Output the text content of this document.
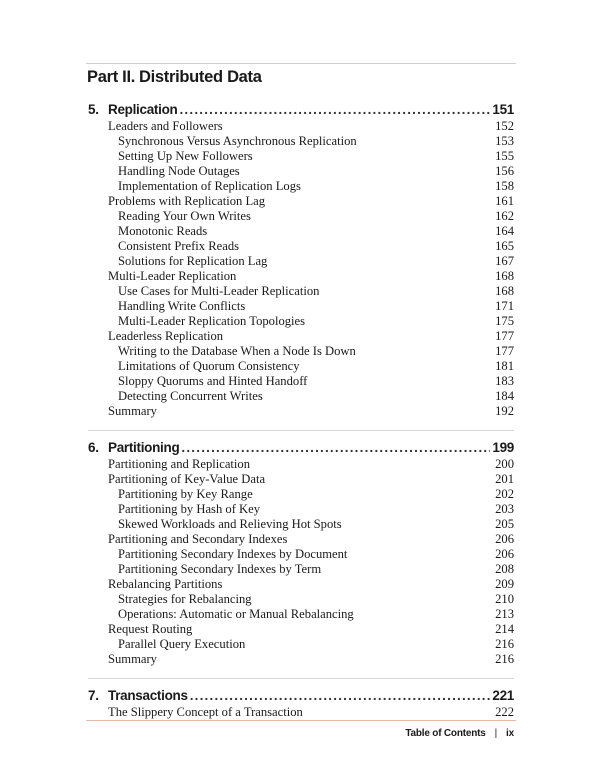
Part II. Distributed Data
5. Replication .....	151
Leaders and Followers	152
Synchronous Versus Asynchronous Replication	153
Setting Up New Followers	155
Handling Node Outages	156
Implementation of Replication Logs	158
Problems with Replication Lag	161
Reading Your Own Writes	162
Monotonic Reads	164
Consistent Prefix Reads	165
Solutions for Replication Lag	167
Multi-Leader Replication	168
Use Cases for Multi-Leader Replication	168
Handling Write Conflicts	171
Multi-Leader Replication Topologies	175
Leaderless Replication	177
Writing to the Database When a Node Is Down	177
Limitations of Quorum Consistency	181
Sloppy Quorums and Hinted Handoff	183
Detecting Concurrent Writes	184
Summary	192
6. Partitioning .....	199
Partitioning and Replication	200
Partitioning of Key-Value Data	201
Partitioning by Key Range	202
Partitioning by Hash of Key	203
Skewed Workloads and Relieving Hot Spots	205
Partitioning and Secondary Indexes	206
Partitioning Secondary Indexes by Document	206
Partitioning Secondary Indexes by Term	208
Rebalancing Partitions	209
Strategies for Rebalancing	210
Operations: Automatic or Manual Rebalancing	213
Request Routing	214
Parallel Query Execution	216
Summary	216
7. Transactions .....	221
The Slippery Concept of a Transaction	222
Table of Contents | ix
